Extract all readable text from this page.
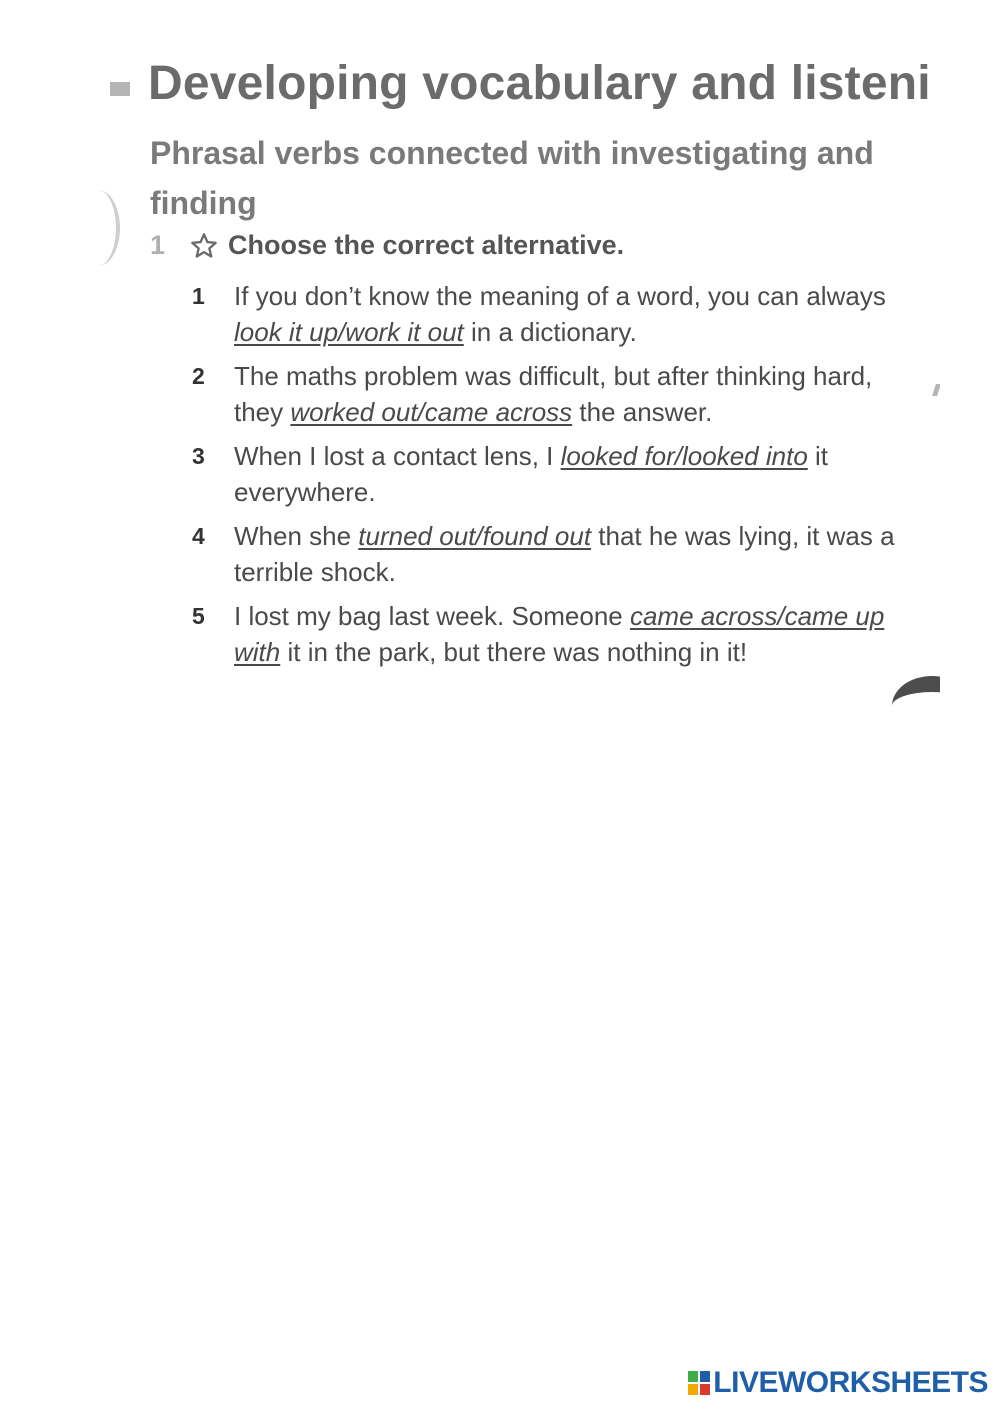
Developing vocabulary and listeni
Phrasal verbs connected with investigating and finding
1	Choose the correct alternative.
1	If you don’t know the meaning of a word, you can always look it up/work it out in a dictionary.
2	The maths problem was difficult, but after thinking hard, they worked out/came across the answer.
3	When I lost a contact lens, I looked for/looked into it everywhere.
4	When she turned out/found out that he was lying, it was a terrible shock.
5	I lost my bag last week. Someone came across/came up with it in the park, but there was nothing in it!
LIVEWORKSHEETS
